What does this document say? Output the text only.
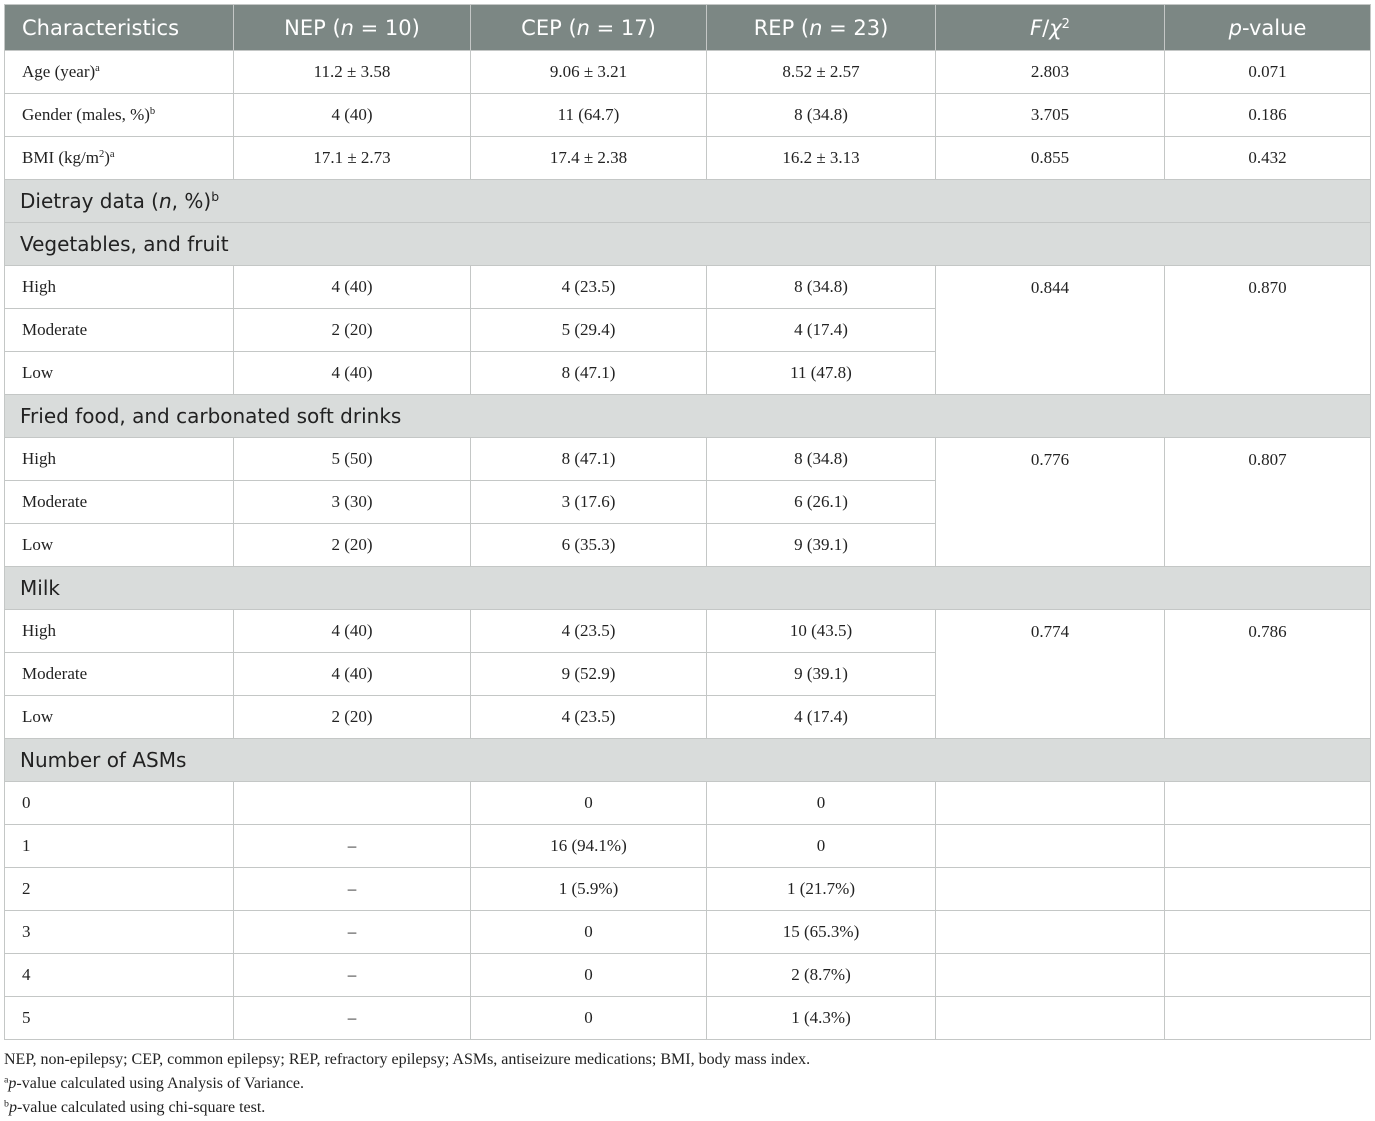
Characteristics	NEP (n = 10)	CEP (n = 17)	REP (n = 23)	$F/\chi^2$	p-value
Age (year)$^a$	11.2 ± 3.58	9.06 ± 3.21	8.52 ± 2.57	2.803	0.071
Gender (males, %)$^b$	4 (40)	11 (64.7)	8 (34.8)	3.705	0.186
BMI $(kg/m^2)^a$	17.1 ± 2.73	17.4 ± 2.38	16.2 ± 3.13	0.855	0.432
Dietray data (n, %)$^b$
Vegetables, and fruit					
High	4 (40)	4 (23.5)	8 (34.8)	0.844	0.870
Moderate	2 (20)	5 (29.4)	4 (17.4)		
Low	4 (40)	8 (47.1)	11 (47.8)		
Fried food, and carbonated soft drinks					
High	5 (50)	8 (47.1)	8 (34.8)	0.776	0.807
Moderate	3 (30)	3 (17.6)	6 (26.1)		
Low	2 (20)	6 (35.3)	9 (39.1)		
Milk					
High	4 (40)	4 (23.5)	10 (43.5)	0.774	0.786
Moderate	4 (40)	9 (52.9)	9 (39.1)		
Low	2 (20)	4 (23.5)	4 (17.4)		
Number of ASMs					
0		0	0		
1	–	16 (94.1%)	0		
2	–	1 (5.9%)	1 (21.7%)		
3	–	0	15 (65.3%)		
4	–	0	2 (8.7%)		
5	–	0	1 (4.3%)		

NEP, non-epilepsy; CEP, common epilepsy; REP, refractory epilepsy; ASMs, antiseizure medications; BMI, body mass index.

$^a$p-value calculated using Analysis of Variance.

$^b$p-value calculated using chi-square test.
